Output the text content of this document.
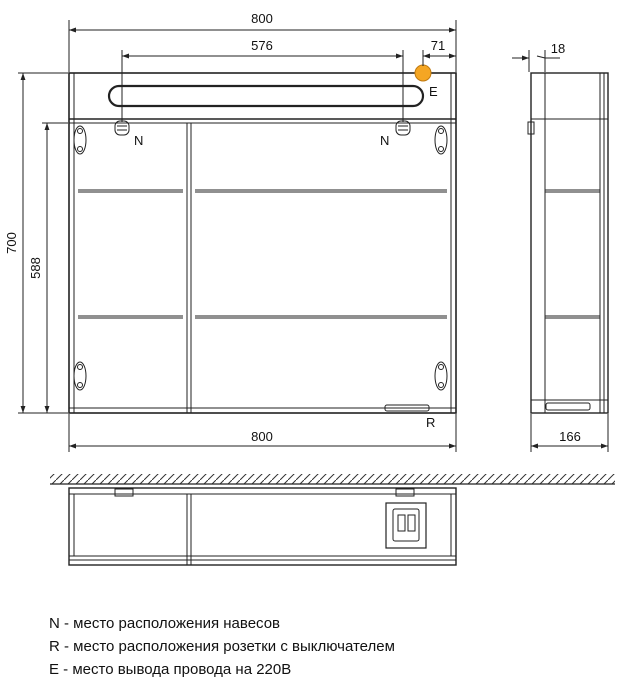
800
576	71	18
700
588
800	166
N	N
E
R
N - место расположения навесов
R - место расположения розетки с выключателем
E - место вывода провода на 220В
